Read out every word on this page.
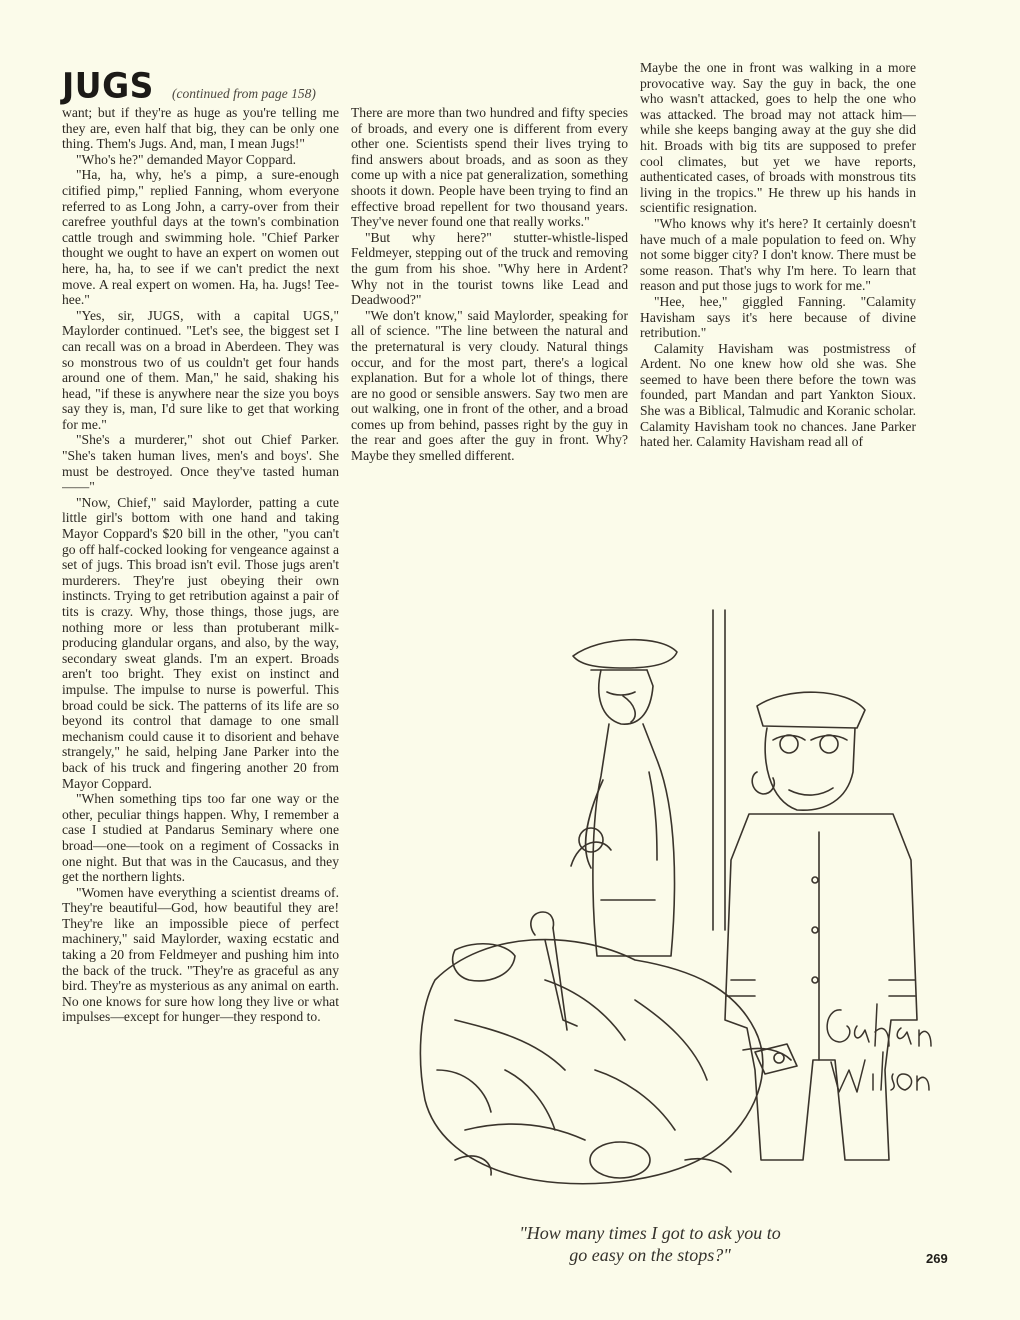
JUGS (continued from page 158)

want; but if they're as huge as you're telling me they are, even half that big, they can be only one thing. Them's Jugs. And, man, I mean Jugs!"

"Who's he?" demanded Mayor Coppard.

"Ha, ha, why, he's a pimp, a sure-enough citified pimp," replied Fanning, whom everyone referred to as Long John, a carry-over from their carefree youthful days at the town's combination cattle trough and swimming hole. "Chief Parker thought we ought to have an expert on women out here, ha, ha, to see if we can't predict the next move. A real expert on women. Ha, ha. Jugs! Tee-hee."

"Yes, sir, JUGS, with a capital UGS," Maylorder continued. "Let's see, the biggest set I can recall was on a broad in Aberdeen. They was so monstrous two of us couldn't get four hands around one of them. Man," he said, shaking his head, "if these is anywhere near the size you boys say they is, man, I'd sure like to get that working for me."

"She's a murderer," shot out Chief Parker. "She's taken human lives, men's and boys'. She must be destroyed. Once they've tasted human——"

"Now, Chief," said Maylorder, patting a cute little girl's bottom with one hand and taking Mayor Coppard's $20 bill in the other, "you can't go off half-cocked looking for vengeance against a set of jugs. This broad isn't evil. Those jugs aren't murderers. They're just obeying their own instincts. Trying to get retribution against a pair of tits is crazy. Why, those things, those jugs, are nothing more or less than protuberant milk-producing glandular organs, and also, by the way, secondary sweat glands. I'm an expert. Broads aren't too bright. They exist on instinct and impulse. The impulse to nurse is powerful. This broad could be sick. The patterns of its life are so beyond its control that damage to one small mechanism could cause it to disorient and behave strangely," he said, helping Jane Parker into the back of his truck and fingering another 20 from Mayor Coppard.

"When something tips too far one way or the other, peculiar things happen. Why, I remember a case I studied at Pandarus Seminary where one broad—one—took on a regiment of Cossacks in one night. But that was in the Caucasus, and they get the northern lights.

"Women have everything a scientist dreams of. They're beautiful—God, how beautiful they are! They're like an impossible piece of perfect machinery," said Maylorder, waxing ecstatic and taking a 20 from Feldmeyer and pushing him into the back of the truck. "They're as graceful as any bird. They're as mysterious as any animal on earth. No one knows for sure how long they live or what impulses—except for hunger—they respond to.

There are more than two hundred and fifty species of broads, and every one is different from every other one. Scientists spend their lives trying to find answers about broads, and as soon as they come up with a nice pat generalization, something shoots it down. People have been trying to find an effective broad repellent for two thousand years. They've never found one that really works."

"But why here?" stutter-whistle-lisped Feldmeyer, stepping out of the truck and removing the gum from his shoe. "Why here in Ardent? Why not in the tourist towns like Lead and Deadwood?"

"We don't know," said Maylorder, speaking for all of science. "The line between the natural and the preternatural is very cloudy. Natural things occur, and for the most part, there's a logical explanation. But for a whole lot of things, there are no good or sensible answers. Say two men are out walking, one in front of the other, and a broad comes up from behind, passes right by the guy in the rear and goes after the guy in front. Why? Maybe they smelled different.

Maybe the one in front was walking in a more provocative way. Say the guy in back, the one who wasn't attacked, goes to help the one who was attacked. The broad may not attack him—while she keeps banging away at the guy she did hit. Broads with big tits are supposed to prefer cool climates, but yet we have reports, authenticated cases, of broads with monstrous tits living in the tropics." He threw up his hands in scientific resignation.

"Who knows why it's here? It certainly doesn't have much of a male population to feed on. Why not some bigger city? I don't know. There must be some reason. That's why I'm here. To learn that reason and put those jugs to work for me."

"Hee, hee," giggled Fanning. "Calamity Havisham says it's here because of divine retribution."

Calamity Havisham was postmistress of Ardent. No one knew how old she was. She seemed to have been there before the town was founded, part Mandan and part Yankton Sioux. She was a Biblical, Talmudic and Koranic scholar. Calamity Havisham took no chances. Jane Parker hated her. Calamity Havisham read all of

"How many times I got to ask you to
go easy on the stops?"	269
